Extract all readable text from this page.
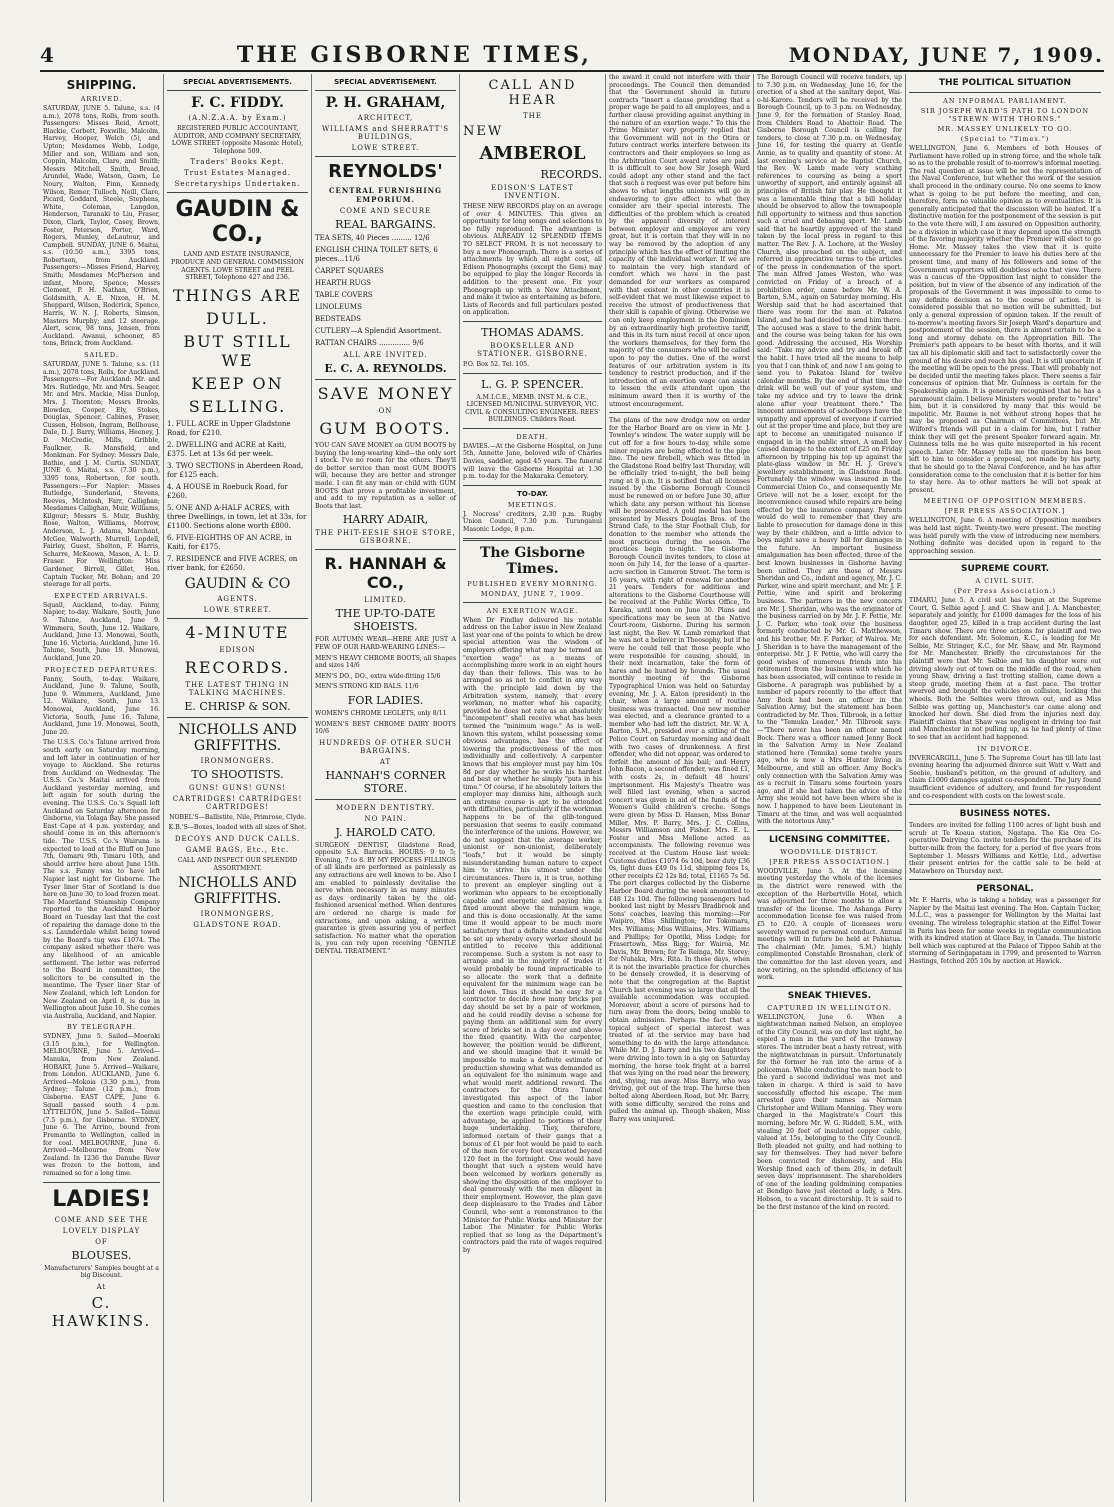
4	THE GISBORNE TIMES,	MONDAY, JUNE 7, 1909.
SHIPPING.
ARRIVED.

SATURDAY, JUNE 5. Talune, s.s. (4 a.m.), 2078 tons, Rolls, from south. Passengers: Misses Reid, Arnott, Blackie, Corbett, Foxwille, Malcolm, Harvey, Hooper, Welch (5), and Upton; Mesdames Webb, Lodge, Miller and son, William and son, Coppin, Malcolm, Clare, and Smith; Messrs Mitchell, Smith, Bread, Arundel, Wade, Watson, Gawn, Le Noury, Walton, Finn, Kennedy, Wilson, Remer, Tulloch, Neill, Clare, Picard, Goddard, Steele, Stephens, White, Coleman, Langdon, Henderson, Taranaki to Liu, Fraser, Dixon, Clark, Taylor, Casey, Brown, Foster, Peterson, Porter, Ward, Rogers, Munley, deLautour, and Campbell. SUNDAY, JUNE 6. Maitai, s.s. (10.50 a.m.), 3395 tons, Robertson, from Auckland. Passengers:—Misses Friend, Harvey, Smith; Mesdames McPherson and infant, Moore, Spence; Messrs Clement, P. H. Nathan, O'Brien, Goldsmith, A. E. Nixon, H. M. Sheppard, Wilson, Rodcrick, Spence, Harris, W. N. J. Roberts, Simson, Masters Murphy; and 12 steerage. Alert, scow, 98 tons, Jensen, from Auckland. Awanui, schooner, 85 tons, Brinck, from Auckland.

SAILED.

SATURDAY, JUNE 5. Talune, s.s. (11 a.m.), 2078 tons, Rolls, for Auckland. Passengers:—For Auckland: Mr. and Mrs. Rutledge, Mr. and Mrs. Seager, Mr. and Mrs. Mackie, Miss Dunlop, Mrs. J. Thornton; Messrs Brooks, Blowden, Cooper, Ely, Stokes, Douglas, Spencer, Cabines, Fraser, Cussen, Hobson, Ingram, Bellhouse, Dale, D. J. Barry, Williams, Heeney, J. D. McCredie, Mills, Gribble, Faulkner, R. Mansfield, and Monkman. For Sydney: Messrs Dale, Bathie, and J. M. Curtis. SUNDAY, JUNE 6. Maitai, s.s. (7.30 p.m.), 3395 tons, Robertson, for south. Passengers:—For Napier: Misses Rutledge, Sunderland, Stevens, Reeves, McIntosh, Farr, Callighan; Mesdames Callighan, Muir, Williams, Kilgour; Messrs S. Muir, Bushby, Rose, Walton, Williams, Morrow, Anderson, L. J. Adams, Marchant, McGee, Walworth, Murrell, Lopdell, Fairley, Guest, Shelton, F. Harris, Scharre, McKeown, Mason, A. L. D. Fraser. For Wellington: Miss Gardener, Birrell, Gillet, Hon. Captain Tucker, Mr. Bohan; and 20 steerage for all ports.

EXPECTED ARRIVALS.

Squall, Auckland, to-day. Fanny, Napier, to-day. Waikare, South, June 9. Talune, Auckland, June 9. Wimmera, South, June 12. Waikare, Auckland, June 13. Monowai, South, June 16. Victoria, Auckland, June 16. Talune, South, June 19. Monowai, Auckland, June 20.

PROJECTED DEPARTURES.

Fanny, South, to-day. Waikare, Auckland, June 9. Talune, South, June 9. Wimmera, Auckland, June 12. Waikare, South, June 13. Monowai, Auckland, June 16. Victoria, South, June 16. Talune, Auckland, June 19. Monowai, South, June 20.

The U.S.S. Co.'s Talune arrived from south early on Saturday morning, and left later in continuation of her voyage to Auckland. She returns from Auckland on Wednesday. The U.S.S. Co.'s Maitai arrived from Auckland yesterday morning, and left again for south during the evening. The U.S.S. Co.'s Squall left Auckland on Saturday afternoon for Gisborne, via Tolaga Bay. She passed East Cape at 4 p.m. yesterday, and should come in on this afternoon's tide. The U.S.S. Co.'s Wairuna is expected to load at the Bluff on June 7th, Oamaru 9th, Timaru 10th, and should arrive here about June 15th. The s.s. Fanny was to have left Napier last night for Gisborne. The Tyser liner Star of Scotland is due here on June 30, to load frozen meat. The Maoriland Steamship Company reported to the Auckland Harbor Board on Tuesday last that the cost of repairing the damage done to the s.s. Launderdale whilst being towed by the Board's tug was £1074. The company asked whether there was any likelihood of an amicable settlement. The letter was referred to the Board in committee, the solicitors to be consulted in the meantime. The Tyser liner Star of New Zealand, which left London for New Zealand on April 8, is due in Wellington about June 10. She comes via Australia, Auckland, and Napier.

BY TELEGRAPH.

SYDNEY, June 5. Sailed—Moeraki (3.15 p.m.), for Wellington. MELBOURNE, June 5. Arrived—Manuka, from New Zealand. HOBART, June 5. Arrived—Waikare, from London. AUCKLAND, June 6. Arrived—Mokoia (3.30 p.m.), from Sydney; Talune (12 p.m.), from Gisborne. EAST CAPE, June 6. Squall passed south 4 p.m. LYTTELTON, June 5. Sailed—Tainui (7.5 p.m.), for Gisborne. SYDNEY, June 6. The Arrino, bound from Fremantle to Wellington, called in for coal. MELBOURNE, June 6. Arrived—Melbourne from New Zealand. In 1236 the Danube River was frozen to the bottom, and remained so for a long time.

LADIES!
COME AND SEE THE
LOVELY DISPLAY
OF
BLOUSES.
Manufacturers' Samples bought at a big Discount.
At
C. HAWKINS.
SPECIAL ADVERTISEMENTS.
F. C. FIDDY.
(A.N.Z.A.A. by Exam.)

REGISTERED PUBLIC ACCOUNTANT, AUDITOR, AND COMPANY SECRETARY, LOWE STREET (opposite Masonic Hotel), Telephone 509.

Traders' Books Kept.
Trust Estates Managed.
Secretaryships Undertaken.
GAUDIN & CO.,

LAND AND ESTATE INSURANCE, PRODUCE AND GENERAL COMMISSION AGENTS. LOWE STREET and PEEL STREET, Telephone 427 and 236.

THINGS ARE
DULL.
BUT STILL WE
KEEP ON
SELLING.
1. FULL ACRE in Upper Gladstone Road, for £210.
2. DWELLING and ACRE at Kaiti, £375. Let at 13s 6d per week.
3. TWO SECTIONS in Aberdeen Road, for £125 each.
4. A HOUSE in Roebuck Road, for £260.
5. ONE AND A-HALF ACRES, with three Dwellings, in town, let at 33s, for £1100. Sections alone worth £800.
6. FIVE-EIGHTHS OF AN ACRE, in Kaiti, for £175.
7. RESIDENCE and FIVE ACRES, on river bank, for £2650.
GAUDIN & CO
AGENTS.
LOWE STREET.
4-MINUTE
EDISON
RECORDS.
THE LATEST THING IN TALKING MACHINES.
E. CHRISP & SON.
NICHOLLS AND GRIFFITHS.
IRONMONGERS.
TO SHOOTISTS.
GUNS! GUNS! GUNS!
CARTRIDGES! CARTRIDGES! CARTRIDGES!

NOBEL'S—Ballistite, Nile, Primrose, Clyde.

K.B.'S—Boxes, loaded with all sizes of Shot.

DECOYS AND DUCK CALLS.
GAME BAGS, Etc., Etc.

CALL AND INSPECT OUR SPLENDID ASSORTMENT.

NICHOLLS AND GRIFFITHS.
IRONMONGERS,
GLADSTONE ROAD.
SPECIAL ADVERTISEMENT.
P. H. GRAHAM,
ARCHITECT,
WILLIAMS and SHERRATT'S BUILDINGS,
LOWE STREET.
REYNOLDS'
CENTRAL FURNISHING EMPORIUM.
COME AND SECURE
REAL BARGAINS.
TEA SETS, 40 Pieces ......... 12/6
ENGLISH CHINA TOILET SETS, 6 pieces...11/6
CARPET SQUARES
HEARTH RUGS
TABLE COVERS
LINOLEUMS
BEDSTEADS
CUTLERY—A Splendid Assortment.
RATTAN CHAIRS .............. 9/6
ALL ARE INVITED.
E. C. A. REYNOLDS.
SAVE MONEY
ON
GUM BOOTS.

YOU CAN SAVE MONEY on GUM BOOTS by buying the long-wearing kind—the only sort I stock. I've no room for the others. They'll do better service than most GUM BOOTS will, because they are better and stronger made. I can fit any man or child with GUM BOOTS that prove a profitable investment, and add to my reputation as a seller of Boots that last.

HARRY ADAIR,
THE PHIT-EESIE SHOE STORE, GISBORNE.
R. HANNAH & CO.,
LIMITED.
THE UP-TO-DATE SHOEISTS.

FOR AUTUMN WEAR—HERE ARE JUST A FEW OF OUR HARD-WEARING LINES:—

MEN'S HEAVY CHROME BOOTS, all Shapes and sizes 14/6
MEN'S DO., DO., extra wide-fitting 15/6
MEN'S STRONG KID BALS. 11/6
FOR LADIES.
WOMEN'S CHROME LEGLETS, only 8/11
WOMEN'S BEST CHROME DAIRY BOOTS 10/6
HUNDREDS OF OTHER SUCH BARGAINS.
AT
HANNAH'S CORNER STORE.
MODERN DENTISTRY.
NO PAIN.
J. HAROLD CATO.

SURGEON DENTIST, Gladstone Road, opposite S.A. Barracks. HOURS: 9 to 5; Evening, 7 to 8. BY MY PROCESS FILLINGS of all kinds are performed as painlessly as any extractions are well known to be. Also I am enabled to painlessly devitalise the nerve when necessary in as many minutes as days ordinarily taken by the old-fashioned arsenical method. When dentures are ordered no charge is made for extractions, and upon asking, a written guarantee is given assuring you of perfect satisfaction. No matter what the operation is, you can rely upon receiving "GENTLE DENTAL TREATMENT."

CALL AND HEAR
THE
NEW
AMBEROL
RECORDS.
EDISON'S LATEST INVENTION.

THESE NEW RECORDS play on an average of over 4 MINUTES. This gives an opportunity for long songs and selections to be fully reproduced. The advantage is obvious. ALREADY 12 SPLENDID ITEMS TO SELECT FROM. It is not necessary to buy a new Phonograph. There is a series of attachments by which all eight cost, all Edison Phonographs (except the Gem) may be equipped to play the longer Records in addition to the present one. Fix your Phonograph up with a New Attachment, and make it twice as entertaining as before. Lists of Records and full particulars posted on application.

THOMAS ADAMS.
BOOKSELLER AND STATIONER. GISBORNE.
P.O. Box 52. Tel. 105.
L. G. P. SPENCER.

A.M.I.C.E., MEMB. INST M. & C.E., LICENSED MUNICIPAL SURVEYOR, VIC. CIVIL & CONSULTING ENGINEER. REES' BUILDINGS. Childers Road.

DEATH.

DAVIES.—At the Gisborne Hospital, on June 5th, Annette Jane, beloved wife of Charles Davies, saddler, aged 45 years. The funeral will leave the Gisborne Hospital at 1.30 p.m. to-day for the Makaraka Cemetery.

TO-DAY.
MEETINGS.

J. Nocross' creditors, 2.30 p.m. Rugby Union Council, 7.30 p.m. Turanganui Masonic Lodge, 8 p.m.

The Gisborne Times.
PUBLISHED EVERY MORNING.
MONDAY, JUNE 7, 1909.
AN EXERTION WAGE.

When Dr Findlay delivered his notable address on the Labor issue in New Zealand last year one of the points to which he drew special attention was the wisdom of employers offering what may be termed an "exertion wage" as a means of accomplishing more work in an eight hours day than their fellows. This was to be arranged so as not to conflict in any way with the principle laid down by the Arbitration system, namely, that every workman, no matter what his capacity, provided he does not rate as an absolutely "incompetent" shall receive what has been termed the "minimum wage." As is well-known this system, whilst possessing some obvious advantages, has the effect of lowering the productiveness of the men individually and collectively. A carpenter knows that his employer must pay him 10s 8d per day whether he works his hardest and best or whether he simply "puts in his time." Of course, if he absolutely loiters the employer may dismiss him, although such an extreme course is apt to be attended with difficulties, particularly if the workman happens to be of the glib-tongued persuasion that seems to easily command the interference of the unions. However, we do not suggest that the average worker, unionist or non-unionist, deliberately "loafs," but it would be simply misunderstanding human nature to expect him to strive his utmost under the circumstances. There is, it is true, nothing to prevent an employer singling out a workman who appears to be exceptionally capable and energetic and paying him a fixed amount above the minimum wage, and this is done occasionally. At the same time it would appear to be much more satisfactory that a definite standard should be set up whereby every worker should be entitled to receive this additional recompense. Such a system is not easy to arrange and in the majority of trades it would probably be found impracticable to so allocate the work that a definite equivalent for the minimum wage can be laid down. Thus it should be easy for a contractor to decide how many bricks per day should be set by a pair of workmen, and he could readily devise a scheme for paying them an additional sum for every score of bricks set in a day over and above the fixed quantity. With the carpenter, however, the position would be different, and we should imagine that it would be impossible to make a definite estimate of production showing what was demanded as an equivalent for the minimum wage and what would merit additional reward. The contractors for the Otira Tunnel investigated this aspect of the labor question and came to the conclusion that the exertion wage principle could, with advantage, be applied to portions of their huge undertaking. They, therefore, informed certain of their gangs that a bonus of £1 per foot would be paid to each of the men for every foot excavated beyond 120 feet in the fortnight. One would have thought that such a system would have been welcomed by workers generally as showing the disposition of the employer to deal generously with the men diligent in their employment. However, the plan gave deep displeasure to the Trades and Labor Council, who sent a remonstrance to the Minister for Public Works and Minister for Labor. The Minister for Public Works replied that so long as the Department's contractors paid the rate of wages required by

the award it could not interfere with their proceedings. The Council then demanded that the Government should in future contracts "insert a clause providing that a proper wage be paid to all employees, and a further clause providing against anything in the nature of an exertion wage." To this the Prime Minister very properly replied that the Government will not in the Otira or future contract works interfere between its contractors and their employees so long as the Arbitration Court award rates are paid. It is difficult to see how Sir Joseph Ward could adopt any other stand and the fact that such a request was ever put before him shows to what lengths unionists will go in endeavoring to give effect to what they consider are their special interests. The difficulties of the problem which is created by the apparent diversity of interest between employer and employee are very great, but it is certain that they will in no way be removed by the adoption of any principle which has the effect of limiting the capacity of the individual worker. If we are to maintain the very high standard of comfort which we have in the past demanded for our workers as compared with that existent in other countries it is self-evident that we must likewise expect to receive the utmost of productiveness that their skill is capable of giving. Otherwise we can only keep employment in the Dominion by an extraordinarily high protective tariff, and this in its turn must recoil at once upon the workers themselves, for they form the majority of the consumers who will be called upon to pay the duties. One of the worst features of our arbitration system is its tendency to restrict production, and if the introduction of an exertion wage can assist to lessen the evils attendant upon the minimum award then it is worthy of the utmost encouragement.

The plans of the new dredge now on order for the Harbor Board are on view in Mr. J. Townley's window. The water supply will be cut off for a few hours to-day, while some minor repairs are being effected to the pipe line. The new firebell, which was fitted in the Gladstone Road belfry last Thursday, will be officially tried to-night, the bell being rung at 8 p.m. It is notified that all licenses issued by the Gisborne Borough Council must be renewed on or before June 30, after which date any person without his license will be prosecuted. A gold medal has been presented by Messrs Douglas Bros. of the Strand Cafe, to the Star Football Club, for donation to the member who attends the most practices during the season. The practices begin to-night. The Gisborne Borough Council invites tenders, to close at noon on July 14, for the lease of a quarter-acre section in Cameron Street. The term is 16 years, with right of renewal for another 21 years. Tenders for additions and alterations to the Gisborne Courthouse will be received at the Public Works Office, To Karaka, until noon on June 30. Plans and specifications may be seen at the Native Court-room, Gisborne. During his sermon last night, the Rev. W. Lamb remarked that he was not a believer in Theosophy, but if he were he could tell that those people who were responsible for causing, should, in their next incarnation, take the form of hares and be hunted by hounds. The usual monthly meeting of the Gisborne Typographical Union was held on Saturday evening, Mr. J. A. Eaton (president) in the chair, when a large amount of routine business was transacted. One new member was elected, and a clearance granted to a member who had left the district. Mr. W. A. Barton, S.M., presided over a sitting of the Police Court on Saturday morning and dealt with two cases of drunkenness. A first offender, who did not appear, was ordered to forfeit the amount of his bail; and Henry John Bacon, a second offender, was fined £1, with costs 2s, in default 48 hours' imprisonment. His Majesty's Theatre was well filled last evening, when a sacred concert was given in aid of the funds of the Women's Guild children's creche. Songs were given by Miss D. Hansen, Miss Bonar Miller, Mrs. P. Barry, Mrs. J. C. Collins, Messrs Williamson and Fisher. Mrs. E. L. Foster and Miss Mellone acted as accompanists. The following revenue was received at the Custom House last week: Customs duties £1074 6s 10d, beer duty £36 0s, light dues £49 0s 11d, shipping fees 1s, other receipts £2 12s 8d; total, £1165 7s 5d. The port charges collected by the Gisborne Harbor Board during the week amounted to £48 12s 10d. The following passengers had booked last night by Messrs Bradbrook and Sons' coaches, leaving this morning:—For Waipiro, Miss Shillington; for Tokomaru, Mrs. Williams; Miss Williams, Mrs. Williams and Phillips; for Opotiki, Miss Lodge; for Frasertown, Miss Rigg; for Wairoa, Mr. Davis, Mr. Brown; for Te Reinga, Mr. Storey; for Nuhaka, Mrs. Rita. In these days, when it is not the invariable practice for churches to be densely crowded, it is deserving of note that the congregation at the Baptist Church last evening was so large that all the available accommodation was occupied. Moreover, about a score of persons had to turn away from the doors, being unable to obtain admission. Perhaps the fact that a topical subject of special interest was treated of at the service may have had something to do with the large attendance. While Mr. D. J. Barry and his two daughters were driving into town in a gig on Saturday morning, the horse took fright at a barrel that was lying on the road near the brewery, and, shying, ran away. Miss Barry, who was driving, got out of the trap. The horse then bolted along Aberdeen Road, but Mr. Barry, with some difficulty, secured the reins and pulled the animal up. Though shaken, Miss Barry was uninjured.

The Borough Council will receive tenders, up to 7.30 p.m. on Wednesday, June 16, for the erection of a shed at the sanitary depot, Wai-o-hi-Karoro. Tenders will be received by the Borough Council, up to 3 p.m. on Wednesday, June 9, for the formation of Stanley Road, from Childers Road to Abattoir Road. The Gisborne Borough Council is calling for tenders, to close at 7.30 p.m. on Wednesday, June 16, for testing the quarry at Gentle Annie, as to quality and quantity of stone. At last evening's service at he Baptist Church, the Rev. W. Lamb made very scathing references to coursing as being a sport unworthy of support, and entirely against all principles of British fair play. He thought it was a lamentable thing that a bill holiday should be observed to allow the townspeople full opportunity to witness and thus sanction such a cruel and debasing sport. Mr. Lamb said that he heartily approved of the stand taken by the local press in regard to this matter. The Rev. J. A. Lochore, at the Wesley Church, also preached on the subject, and referred in appreciative terms to the articles of the press in condemnation of the sport. The man Alfred James Weston, who was convicted on Friday of a breach of a prohibition order, came before Mr. W. A. Barton, S.M., again on Saturday morning. His Worship said that he had ascertained that there was room for the man at Pakatoa Island, and he had decided to send him there. The accused was a slave to the drink habit, and the course was being taken for his own good. Addressing the accused, His Worship said: "Take my advice and try and break off the habit. I have tried all the means to help you that I can think of, and now I am going to send you to Pakatoa Island for twelve calendar months. By the end of that time the drink will be well out of your system, and take my advice and try to leave the drink alone after your treatment there." The innocent amusements of schoolboys have the sympathy and approval of everyone if carried out at the proper time and place, but they are apt to become an unmitigated nuisance if engaged in in the public street. A small boy caused damage to the extent of £25 on Friday afternoon by tripping his top up against the plate-glass window in Mr. H. J. Greve's jewellery establishment, in Gladstone Road. Fortunately the window was insured in the Commercial Union Co., and consequently Mr. Grieve will not be a loser, except for the inconvenience caused while repairs are being effected by the insurance company. Parents would do well to remember that they are liable to prosecution for damage done in this way by their children, and a little advice to boys might save a heavy bill for damages in the future. An important business amalgamation has been effected, three of the best known businesses in Gisborne having been united. They are those of Messrs Sheridan and Co., indent and agency, Mr. J. C. Parker, wine and spirit merchant, and Mr. J. F. Pettie, wine and spirit and brokering business. The partners in the new concern are Mr. J. Sheridan, who was the originator of the business carried on by Mr. J. F. Pettie, Mr. J. C. Parker, who took over the business formerly conducted by Mr. G. Matthewson, and his brother, Mr. F. Parker, of Wairoa. Mr. J. Sheridan is to have the management of the enterprise. Mr. J. F. Pettie, who will carry the good wishes of numerous friends into his retirement from the business with which he has been associated, will continue to reside in Gisborne. A paragraph was published by a number of papers recently to the effect that Amy Bock had been an officer in the Salvation Army, but the statement has been contradicted by Mr. Thos. Tilbrook, in a letter to the "Temuka Leader." Mr. Tilbrook says:—"There never has been an officer named Bock. There was a officer named Jenny Bock in the Salvation Army in New Zealand stationed here (Temuka) some twelve years ago, who is now a Mrs Hunter living in Melbourne, and still an officer. Amy Bock's only connection with the Salvation Army was as a recruit in Timaru some fourteen years ago, and if she had taken the advice of the Army she would not have been where she is now. I happened to have been Lieutenant in Timaru at the time, and was well acquainted with the notorious Amy."

LICENSING COMMITTEE.
WOODVILLE DISTRICT.
[PER PRESS ASSOCIATION.]

WOODVILLE, June 5. At the licensing meeting yesterday the whole of the licenses in the district were renewed with the exception of the Herbertville Hotel, which was adjourned for three months to allow a transfer of the license. The Ashanga Ferry accommodation license fee was raised from £5 to £20. A couple of licensees were severely warned re personal conduct. Annual meetings will in future be held at Pahiatua. The chairman (Mr. James, S.M.) highly complimented Constable Brosnahan, clerk of the committee for the last eleven years, and now retiring, on the splendid efficiency of his work.

SNEAK THIEVES.
CAPTURED IN WELLINGTON.

WELLINGTON, June 6. When a nightwatchman named Nelson, an employee of the City Council, was on duty last night, he espied a man in the yard of the tramway stores. The intruder beat a hasty retreat, with the nightwatchman in pursuit. Unfortunately for the former he ran into the arms of a policeman. While conducting the man back to the yard a second individual was met and taken in charge. A third is said to have successfully effected his escape. The men arrested gave their names as Norman Christopher and William Manning. They were charged in the Magistrate's Court this morning, before Mr. W. G. Riddell, S.M., with stealing 20 feet of insulated copper cable, valued at 15s, belonging to the City Council. Both pleaded not guilty, and had nothing to say for themselves. They had never before been convicted for dishonesty, and His Worship fined each of them 20s, in default seven days' imprisonment. The shareholders of one of the leading goldmining companies at Bendigo have just elected a lady, a Mrs. Hobson, to a vacant directorship. It is said to be the first instance of the kind on record.

THE POLITICAL SITUATION
AN INFORMAL PARLIAMENT.
SIR JOSEPH WARD'S PATH TO LONDON "STREWN WITH THORNS."
MR. MASSEY UNLIKELY TO GO.
(Special to "Times.")

WELLINGTON, June 6. Members of both Houses of Parliament have rolled up in strong force, and the whole talk so as to the probable result of to-morrow's informal meeting. The real question at issue will be not the representation of the Naval Conference, but whether the work of the session shall proceed in the ordinary course. No one seems to know what is going to be put before the meeting, and can, therefore, form no valuable opinion as to eventualities. It is generally anticipated that the discussion will be heated. If a distinctive motion for the postponement of the session is put to the vote there will, I am assured on Opposition authority, be a division in which case it may depend upon the strength of the favoring majority whether the Premier will elect to go Home. Mr. Massey takes the view that it is quite unnecessary for the Premier to leave his duties here at the present time, and many of his followers and some of the Government supporters will doubtless echo that view. There was a caucus of the Opposition last night to consider the position, but in view of the absence of any indication of the proposals of the Government it was impossible to come to any definite decision as to the course of action. It is considered possible that no motion will be submitted, but only a general expression of opinion taken. If the result of to-morrow's meeting favors Sir Joseph Ward's departure and postponement of the session, there is almost certain to be a long and stormy debate on the Appropriation Bill. The Premier's path appears to be beset with thorns, and it will tax all his diplomatic skill and tact to satisfactorily cover the ground of his desire and reach his goal. It is still uncertain if the meeting will be open to the press. That will probably not be decided until the meeting takes place. There seems a fair concensus of opinion that Mr. Guinness is certain for the Speakership again. It is generally recognised that he has a paramount claim. I believe Ministers would prefer to "retire" him, but it is considered by many that this would be impolitic. Mr. Baume is not without strong hopes that he may be proposed as Chairman of Committees, but Mr. Wilford's friends will put in a claim for him, but I rather think they will get the present Speaker forward again. Mr. Guinness tells me he was quite misreported in his recent speech. Later. Mr. Massey tells me the question has been left to him to consider a proposal, not made by his party, that he should go to the Naval Conference, and he has after consideration come to the conclusion that it is better for him to stay here. As to other matters he will not speak at present.

MEETING OF OPPOSITION MEMBERS.
[PER PRESS ASSOCIATION.]

WELLINGTON, June 6. A meeting of Opposition members was held last night. Twenty-two were present. The meeting was held purely with the view of introducing new members. Nothing definite was decided upon in regard to the approaching session.

SUPREME COURT.
A CIVIL SUIT.
(Per Press Association.)

TIMARU, June 5. A civil suit has begun at the Supreme Court, G. Selbie aged J. and C. Shaw and J. A. Manchester, separately and jointly, for £1000 damages for the loss of his daughter, aged 25, killed in a trap accident during the last Timaru show. There are three actions for plaintiff and two for each defendant. Mr. Solomon, K.C., is leading for Mr. Selbie, Mr. Stringer, K.C., for Mr. Shaw, and Mr. Raymond for Mr. Manchester. Briefly the circumstances for the plaintiff were that Mr. Selbie and his daughter were out driving slowly out of town on the middle of the road, when young Shaw, driving a fast trotting stallion, came down a steep grade, meeting them at a fast pace. The trotter swerved and brought the vehicles on collision, locking the wheels. Both the Selbies were thrown out, and as Miss Selbie was getting up, Manchester's car came along and knocked her down. She died from the injuries next day. Plaintiff claims that Shaw was negligent in driving too fast and Manchester in not pulling up, as he had plenty of time to see that an accident had happened.

IN DIVORCE.

INVERCARGILL, June 5. The Supreme Court has till late last evening hearing the adjourned divorce suit Watt v. Watt and Seebie, husband's petition, on the ground of adultery, and claim £1000 damages against co-respondent. The Jury found insufficient evidence of adultery, and found for respondent and co-respondent with costs on the lowest scale.

BUSINESS NOTES.

Tenders are invited for felling 1100 acres of light bush and scrub at Te Koaua station, Ngatapa. The Kia Ora Co-operative Dairying Co. invite tenders for the purchase of its butter-milk from the factory, for a period of five years from September 1. Messrs Williams and Kettle, Ltd., advertise their present entries for the cattle sale to be held at Matawhero on Thursday next.

PERSONAL.

Mr. F. Harris, who is taking a holiday, was a passenger for Napier by the Maitai last evening. The Hon. Captain Tucker, M.L.C., was a passenger for Wellington by the Maitai last evening. The wireless telegraphic station at the Eiffel Tower in Paris has been for some weeks in regular communication with its kindred station at Glace Bay, in Canada. The historic bell which was captured at the Palace of Tippoo Sahib at the storming of Seringapatam in 1799, and presented to Warren Hastings, fetched 205 10s by auction at Hawick.
